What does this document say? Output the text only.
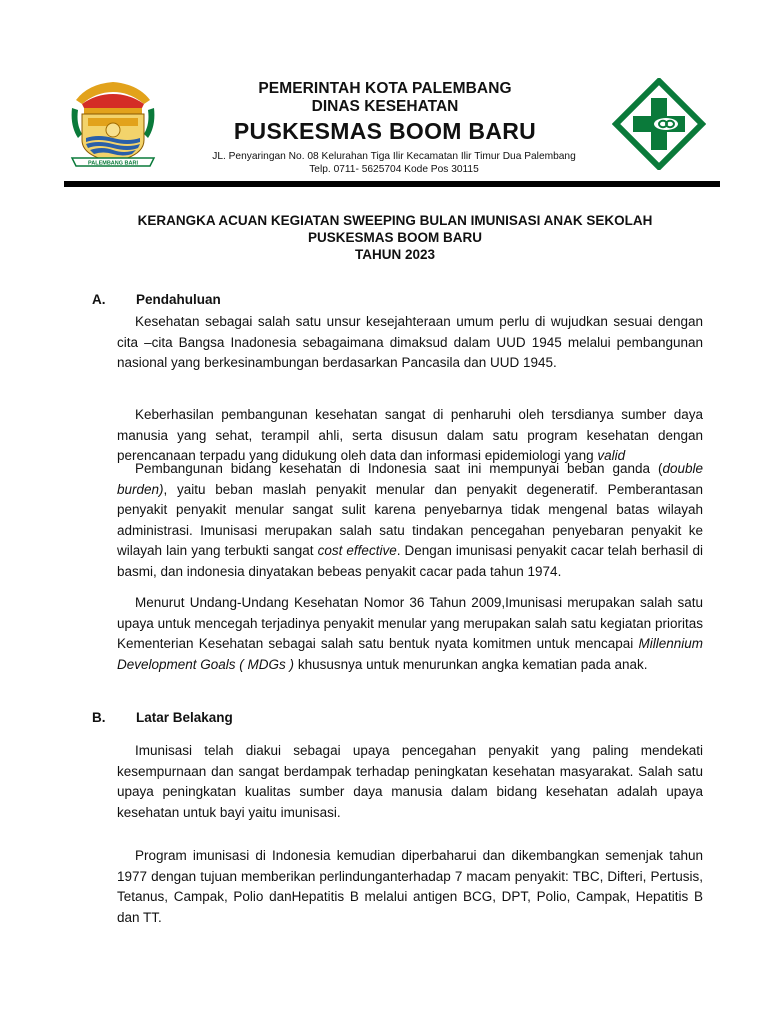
PALEMBANG BARI
PEMERINTAH KOTA PALEMBANG
DINAS KESEHATAN
PUSKESMAS BOOM BARU
JL. Penyaringan No. 08 Kelurahan Tiga Ilir Kecamatan Ilir Timur Dua Palembang
Telp. 0711- 5625704 Kode Pos 30115
KERANGKA ACUAN KEGIATAN SWEEPING BULAN IMUNISASI ANAK SEKOLAH
PUSKESMAS BOOM BARU
TAHUN 2023
A. Pendahuluan

Kesehatan sebagai salah satu unsur kesejahteraan umum perlu di wujudkan sesuai dengan cita –cita Bangsa Inadonesia sebagaimana dimaksud dalam UUD 1945 melalui pembangunan nasional yang berkesinambungan berdasarkan Pancasila dan UUD 1945.

Keberhasilan pembangunan kesehatan sangat di penharuhi oleh tersdianya sumber daya manusia yang sehat, terampil ahli, serta disusun dalam satu program kesehatan dengan perencanaan terpadu yang didukung oleh data dan informasi epidemiologi yang valid

Pembangunan bidang kesehatan di Indonesia saat ini mempunyai beban ganda (double burden), yaitu beban maslah penyakit menular dan penyakit degeneratif. Pemberantasan penyakit penyakit menular sangat sulit karena penyebarnya tidak mengenal batas wilayah administrasi. Imunisasi merupakan salah satu tindakan pencegahan penyebaran penyakit ke wilayah lain yang terbukti sangat cost effective. Dengan imunisasi penyakit cacar telah berhasil di basmi, dan indonesia dinyatakan bebeas penyakit cacar pada tahun 1974.

Menurut Undang-Undang Kesehatan Nomor 36 Tahun 2009,Imunisasi merupakan salah satu upaya untuk mencegah terjadinya penyakit menular yang merupakan salah satu kegiatan prioritas Kementerian Kesehatan sebagai salah satu bentuk nyata komitmen untuk mencapai Millennium Development Goals ( MDGs ) khususnya untuk menurunkan angka kematian pada anak.

B. Latar Belakang

Imunisasi telah diakui sebagai upaya pencegahan penyakit yang paling mendekati kesempurnaan dan sangat berdampak terhadap peningkatan kesehatan masyarakat. Salah satu upaya peningkatan kualitas sumber daya manusia dalam bidang kesehatan adalah upaya kesehatan untuk bayi yaitu imunisasi.

Program imunisasi di Indonesia kemudian diperbaharui dan dikembangkan semenjak tahun 1977 dengan tujuan memberikan perlindunganterhadap 7 macam penyakit: TBC, Difteri, Pertusis, Tetanus, Campak, Polio danHepatitis B melalui antigen BCG, DPT, Polio, Campak, Hepatitis B dan TT.
